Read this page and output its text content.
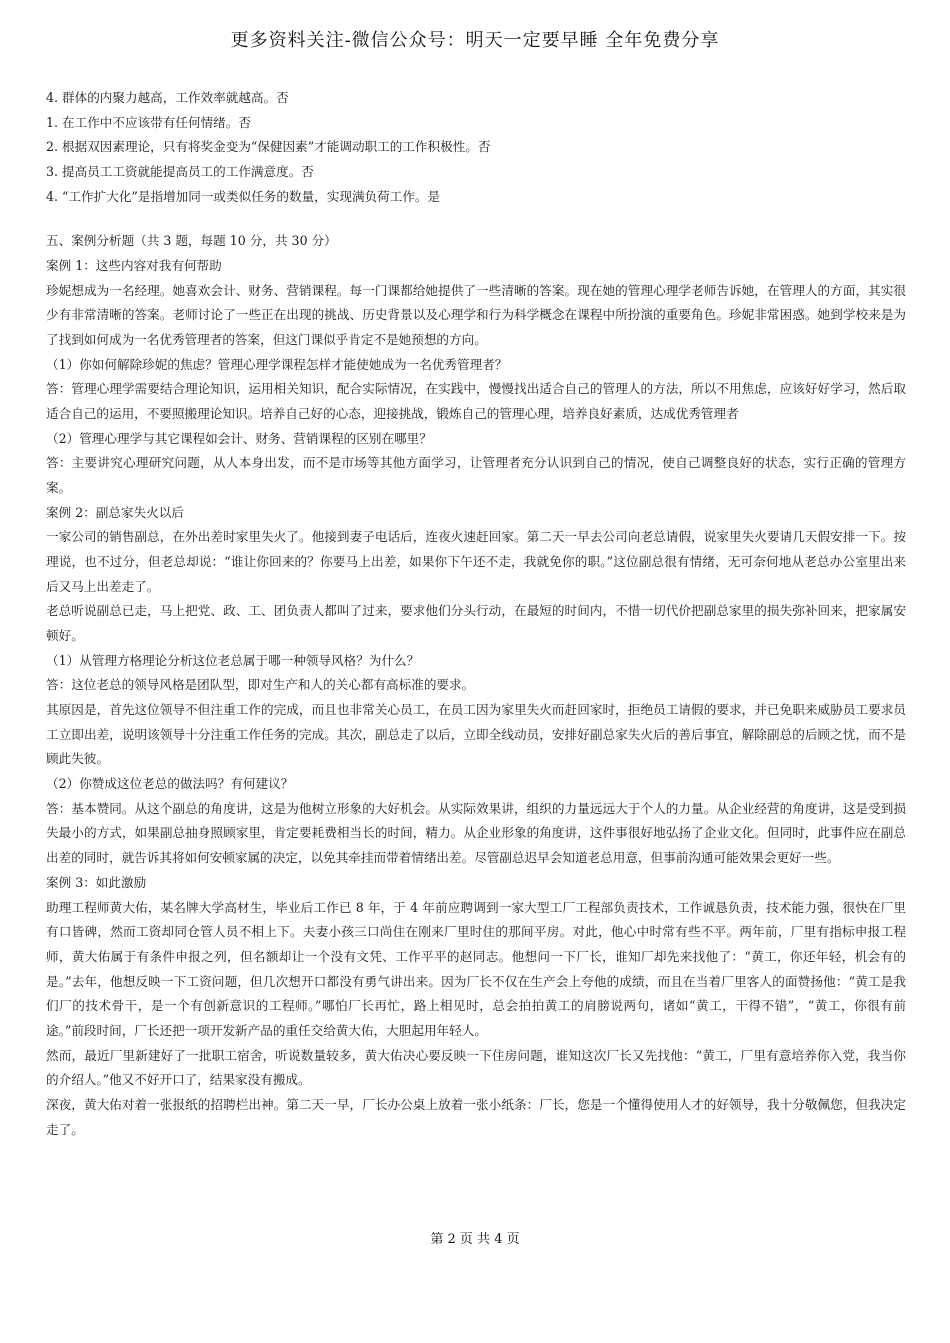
更多资料关注-微信公众号：明天一定要早睡 全年免费分享

4. 群体的内聚力越高，工作效率就越高。否

1. 在工作中不应该带有任何情绪。否

2. 根据双因素理论，只有将奖金变为“保健因素”才能调动职工的工作积极性。否

3. 提高员工工资就能提高员工的工作满意度。否

4. “工作扩大化”是指增加同一或类似任务的数量，实现满负荷工作。是

五、案例分析题（共 3 题，每题 10 分，共 30 分）

案例 1：这些内容对我有何帮助

珍妮想成为一名经理。她喜欢会计、财务、营销课程。每一门课都给她提供了一些清晰的答案。现在她的管理心理学老师告诉她，在管理人的方面，其实很少有非常清晰的答案。老师讨论了一些正在出现的挑战、历史背景以及心理学和行为科学概念在课程中所扮演的重要角色。珍妮非常困惑。她到学校来是为了找到如何成为一名优秀管理者的答案，但这门课似乎肯定不是她预想的方向。

（1）你如何解除珍妮的焦虑？管理心理学课程怎样才能使她成为一名优秀管理者？

答：管理心理学需要结合理论知识，运用相关知识，配合实际情况，在实践中，慢慢找出适合自己的管理人的方法，所以不用焦虑，应该好好学习，然后取适合自己的运用，不要照搬理论知识。培养自己好的心态，迎接挑战，锻炼自己的管理心理，培养良好素质，达成优秀管理者

（2）管理心理学与其它课程如会计、财务、营销课程的区别在哪里？

答：主要讲究心理研究问题，从人本身出发，而不是市场等其他方面学习，让管理者充分认识到自己的情况，使自己调整良好的状态，实行正确的管理方案。

案例 2：副总家失火以后

一家公司的销售副总，在外出差时家里失火了。他接到妻子电话后，连夜火速赶回家。第二天一早去公司向老总请假，说家里失火要请几天假安排一下。按理说，也不过分，但老总却说：“谁让你回来的？你要马上出差，如果你下午还不走，我就免你的职。”这位副总很有情绪，无可奈何地从老总办公室里出来后又马上出差走了。

老总听说副总已走，马上把党、政、工、团负责人都叫了过来，要求他们分头行动，在最短的时间内，不惜一切代价把副总家里的损失弥补回来，把家属安顿好。

（1）从管理方格理论分析这位老总属于哪一种领导风格？为什么？

答：这位老总的领导风格是团队型，即对生产和人的关心都有高标准的要求。

其原因是，首先这位领导不但注重工作的完成，而且也非常关心员工，在员工因为家里失火而赶回家时，拒绝员工请假的要求，并已免职来威胁员工要求员工立即出差，说明该领导十分注重工作任务的完成。其次，副总走了以后，立即全线动员，安排好副总家失火后的善后事宜，解除副总的后顾之忧，而不是顾此失彼。

（2）你赞成这位老总的做法吗？有何建议？

答：基本赞同。从这个副总的角度讲，这是为他树立形象的大好机会。从实际效果讲，组织的力量远远大于个人的力量。从企业经营的角度讲，这是受到损失最小的方式，如果副总抽身照顾家里，肯定要耗费相当长的时间，精力。从企业形象的角度讲，这件事很好地弘扬了企业文化。但同时，此事件应在副总出差的同时，就告诉其将如何安顿家属的决定，以免其牵挂而带着情绪出差。尽管副总迟早会知道老总用意，但事前沟通可能效果会更好一些。

案例 3：如此激励

助理工程师黄大佑，某名牌大学高材生，毕业后工作已 8 年，于 4 年前应聘调到一家大型工厂工程部负责技术，工作诚恳负责，技术能力强，很快在厂里有口皆碑，然而工资却同仓管人员不相上下。夫妻小孩三口尚住在刚来厂里时住的那间平房。对此，他心中时常有些不平。两年前，厂里有指标申报工程师，黄大佑属于有条件申报之列，但名额却让一个没有文凭、工作平平的赵同志。他想问一下厂长，谁知厂却先来找他了：“黄工，你还年轻，机会有的是。”去年，他想反映一下工资问题，但几次想开口都没有勇气讲出来。因为厂长不仅在生产会上夸他的成绩，而且在当着厂里客人的面赞扬他：“黄工是我们厂的技术骨干，是一个有创新意识的工程师。”哪怕厂长再忙，路上相见时，总会拍拍黄工的肩膀说两句，诸如“黄工，干得不错”，“黄工，你很有前途。”前段时间，厂长还把一项开发新产品的重任交给黄大佑，大胆起用年轻人。

然而，最近厂里新建好了一批职工宿舍，听说数量较多，黄大佑决心要反映一下住房问题，谁知这次厂长又先找他：“黄工，厂里有意培养你入党，我当你的介绍人。”他又不好开口了，结果家没有搬成。

深夜，黄大佑对着一张报纸的招聘栏出神。第二天一早，厂长办公桌上放着一张小纸条：厂长，您是一个懂得使用人才的好领导，我十分敬佩您，但我决定走了。

第 2 页 共 4 页
